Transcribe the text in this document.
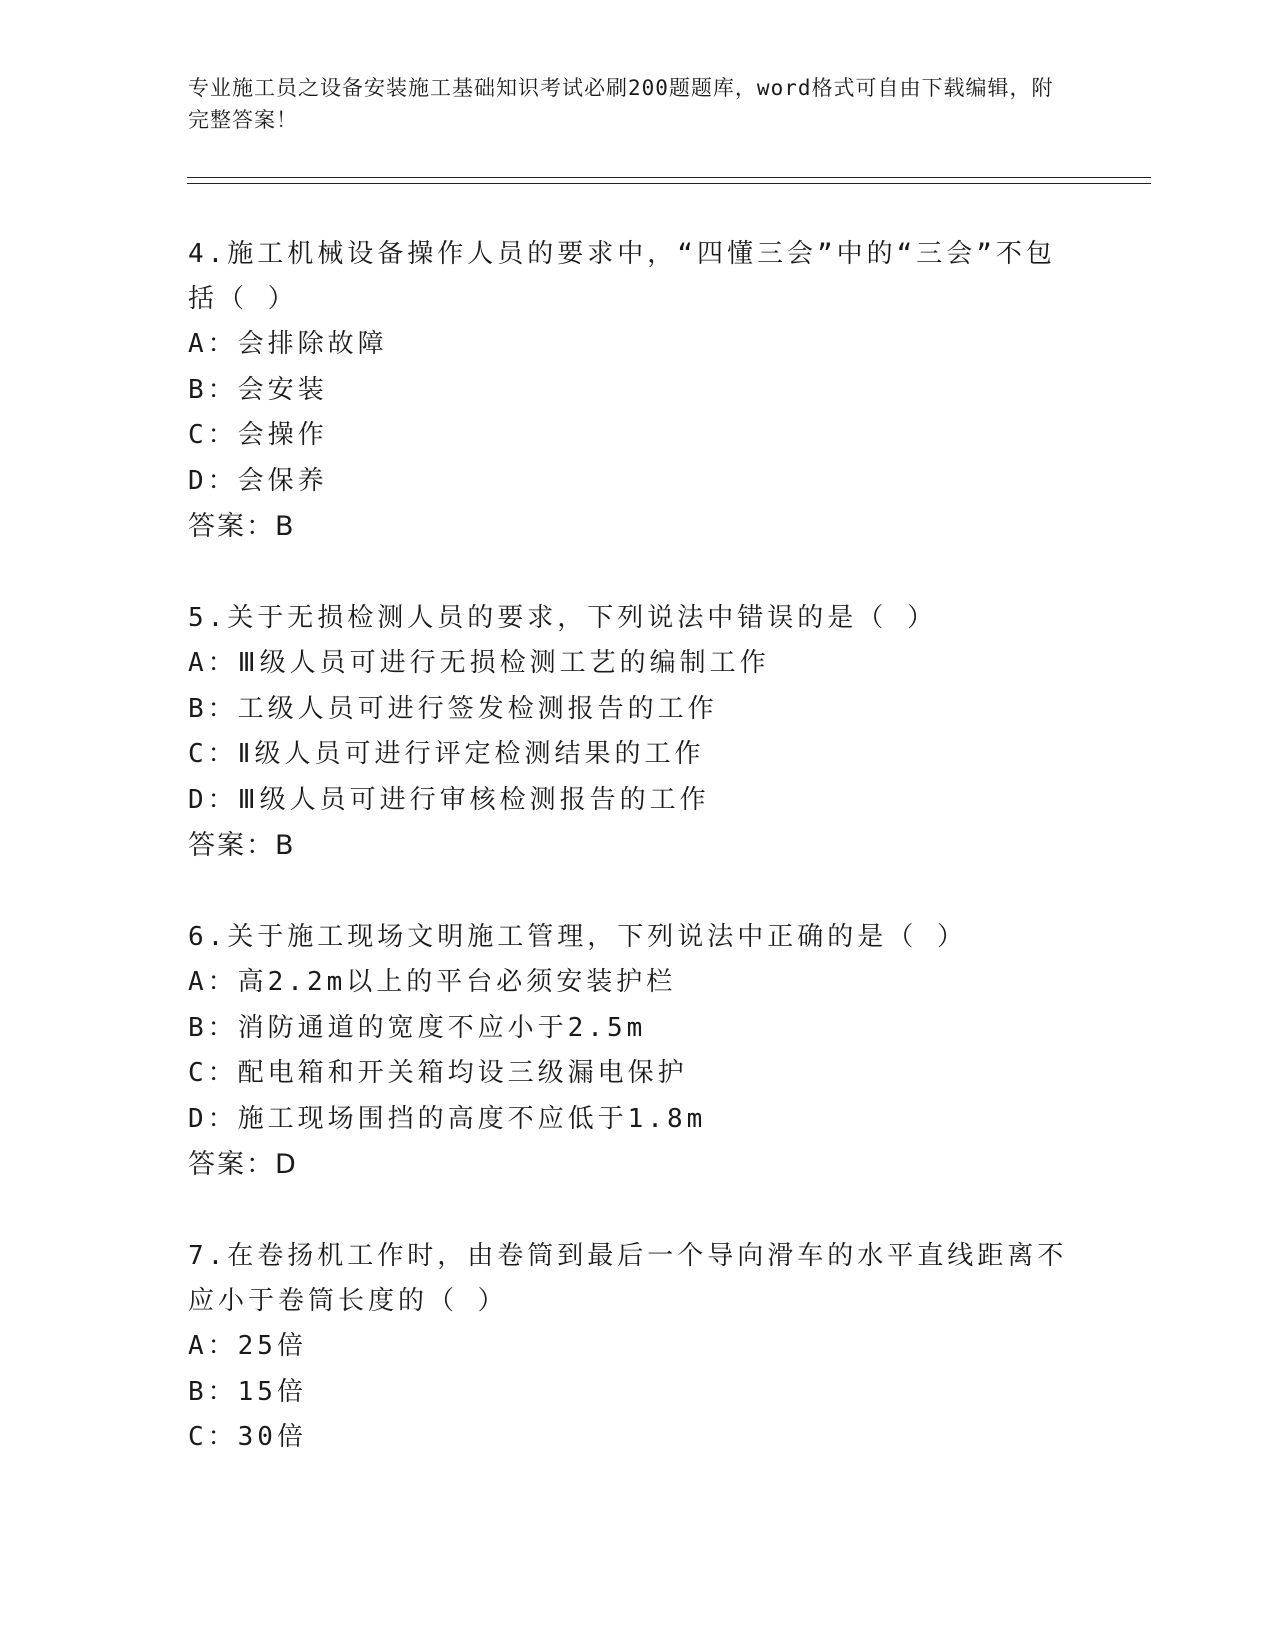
专业施工员之设备安装施工基础知识考试必刷200题题库，word格式可自由下载编辑，附完整答案！
4.施工机械设备操作人员的要求中，“四懂三会”中的“三会”不包括（ ）
A：会排除故障
B：会安装
C：会操作
D：会保养
答案：B
5.关于无损检测人员的要求，下列说法中错误的是（ ）
A：Ⅲ级人员可进行无损检测工艺的编制工作
B：工级人员可进行签发检测报告的工作
C：Ⅱ级人员可进行评定检测结果的工作
D：Ⅲ级人员可进行审核检测报告的工作
答案：B
6.关于施工现场文明施工管理，下列说法中正确的是（ ）
A：高2.2m以上的平台必须安装护栏
B：消防通道的宽度不应小于2.5m
C：配电箱和开关箱均设三级漏电保护
D：施工现场围挡的高度不应低于1.8m
答案：D
7.在卷扬机工作时，由卷筒到最后一个导向滑车的水平直线距离不应小于卷筒长度的（ ）
A：25倍
B：15倍
C：30倍
